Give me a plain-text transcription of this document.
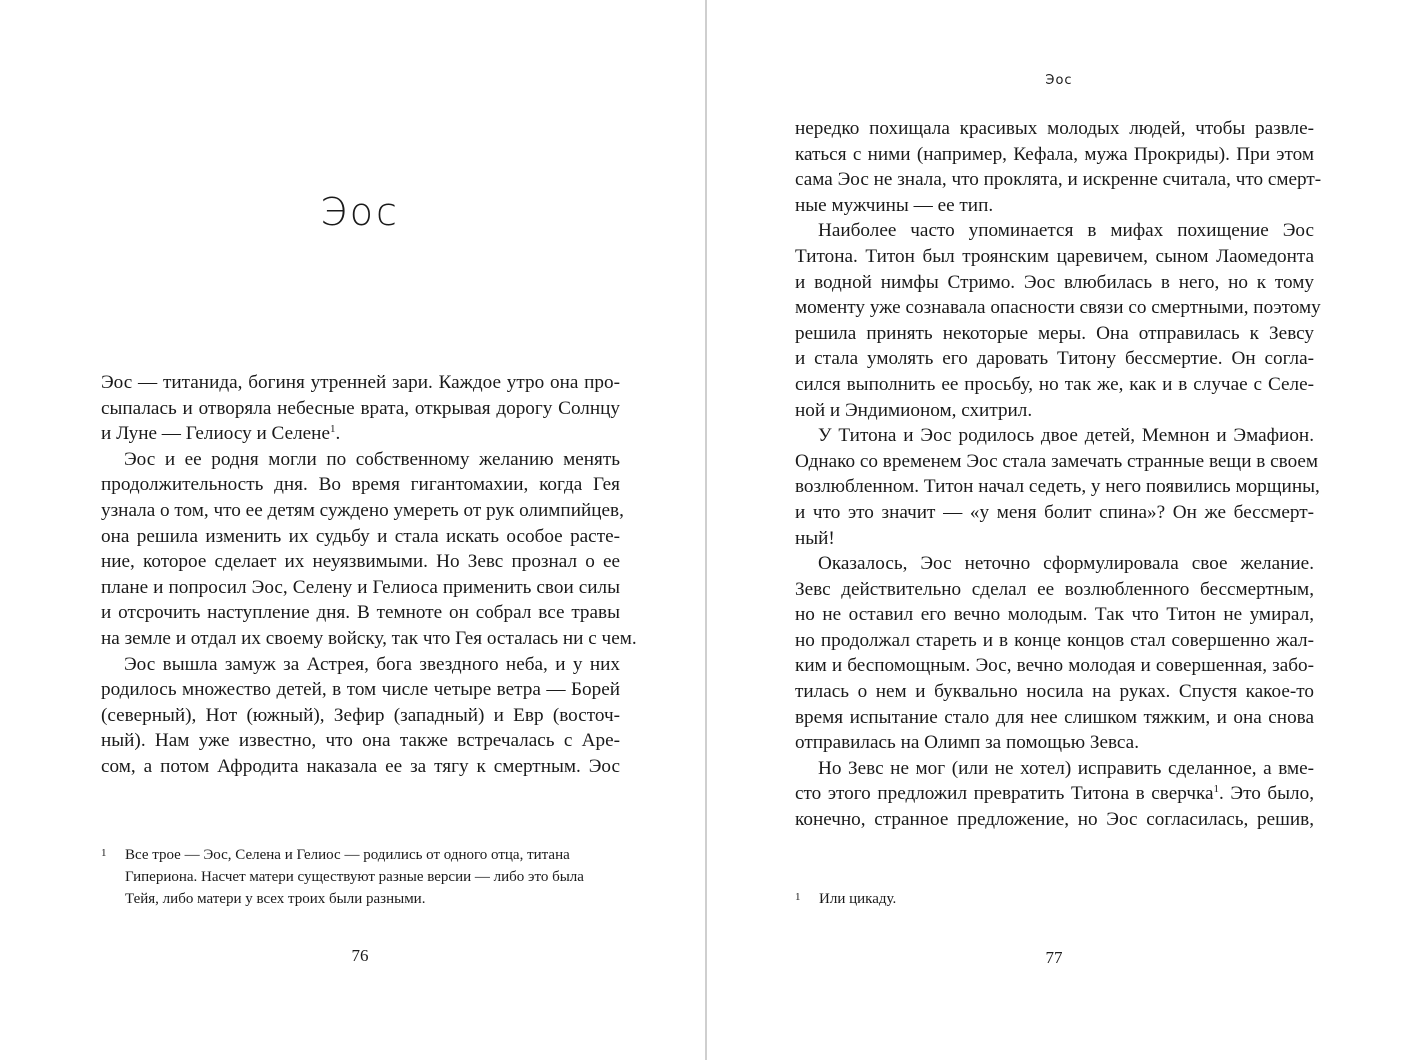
Эос
Эос — титанида, богиня утренней зари. Каждое утро она про-
сыпалась и отворяла небесные врата, открывая дорогу Солнцу
и Луне — Гелиосу и Селене$^1$.
Эос и ее родня могли по собственному желанию менять
продолжительность дня. Во время гигантомахии, когда Гея
узнала о том, что ее детям суждено умереть от рук олимпийцев,
она решила изменить их судьбу и стала искать особое расте-
ние, которое сделает их неуязвимыми. Но Зевс прознал о ее
плане и попросил Эос, Селену и Гелиоса применить свои силы
и отсрочить наступление дня. В темноте он собрал все травы
на земле и отдал их своему войску, так что Гея осталась ни с чем.
Эос вышла замуж за Астрея, бога звездного неба, и у них
родилось множество детей, в том числе четыре ветра — Борей
(северный), Нот (южный), Зефир (западный) и Евр (восточ-
ный). Нам уже известно, что она также встречалась с Аре-
сом, а потом Афродита наказала ее за тягу к смертным. Эос
1 Все трое — Эос, Селена и Гелиос — родились от одного отца, титана
Гипериона. Насчет матери существуют разные версии — либо это была
Тейя, либо матери у всех троих были разными.
76
Эос
нередко похищала красивых молодых людей, чтобы развле-
каться с ними (например, Кефала, мужа Прокриды). При этом
сама Эос не знала, что проклята, и искренне считала, что смерт-
ные мужчины — ее тип.
Наиболее часто упоминается в мифах похищение Эос
Титона. Титон был троянским царевичем, сыном Лаомедонта
и водной нимфы Стримо. Эос влюбилась в него, но к тому
моменту уже сознавала опасности связи со смертными, поэтому
решила принять некоторые меры. Она отправилась к Зевсу
и стала умолять его даровать Титону бессмертие. Он согла-
сился выполнить ее просьбу, но так же, как и в случае с Селе-
ной и Эндимионом, схитрил.
У Титона и Эос родилось двое детей, Мемнон и Эмафион.
Однако со временем Эос стала замечать странные вещи в своем
возлюбленном. Титон начал седеть, у него появились морщины,
и что это значит — «у меня болит спина»? Он же бессмерт-
ный!
Оказалось, Эос неточно сформулировала свое желание.
Зевс действительно сделал ее возлюбленного бессмертным,
но не оставил его вечно молодым. Так что Титон не умирал,
но продолжал стареть и в конце концов стал совершенно жал-
ким и беспомощным. Эос, вечно молодая и совершенная, забо-
тилась о нем и буквально носила на руках. Спустя какое-то
время испытание стало для нее слишком тяжким, и она снова
отправилась на Олимп за помощью Зевса.
Но Зевс не мог (или не хотел) исправить сделанное, а вме-
сто этого предложил превратить Титона в сверчка$^1$. Это было,
конечно, странное предложение, но Эос согласилась, решив,
1 Или цикаду.
77
